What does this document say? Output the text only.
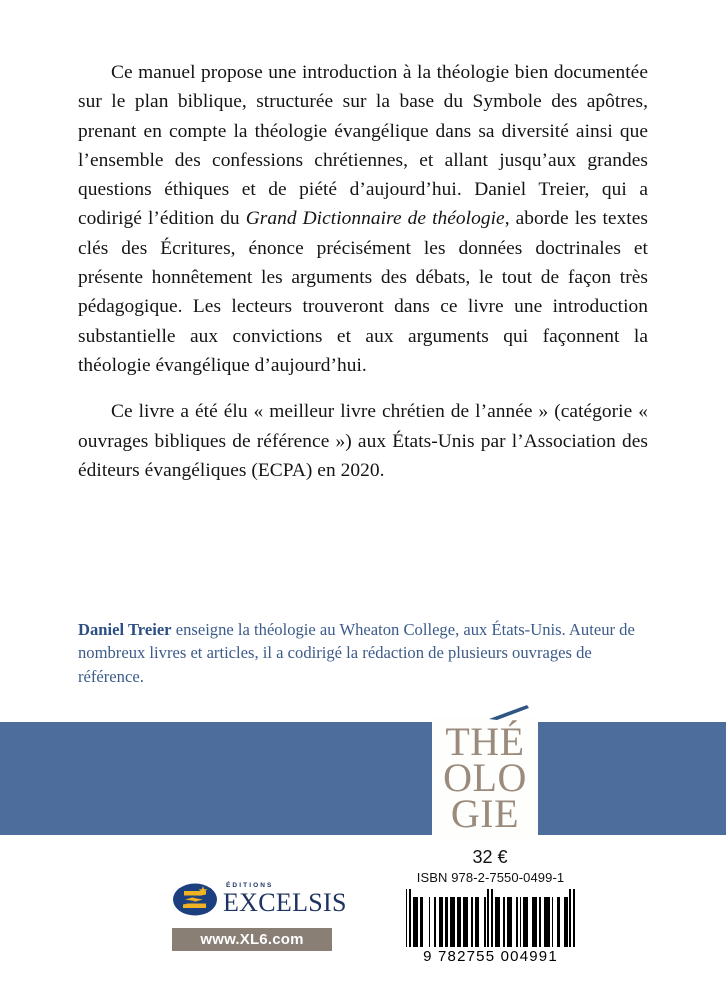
Ce manuel propose une introduction à la théologie bien documentée sur le plan biblique, structurée sur la base du Symbole des apôtres, prenant en compte la théologie évangélique dans sa diversité ainsi que l’ensemble des confessions chrétiennes, et allant jusqu’aux grandes questions éthiques et de piété d’aujourd’hui. Daniel Treier, qui a codirigé l’édition du Grand Dictionnaire de théologie, aborde les textes clés des Écritures, énonce précisément les données doctrinales et présente honnêtement les arguments des débats, le tout de façon très pédagogique. Les lecteurs trouveront dans ce livre une introduction substantielle aux convictions et aux arguments qui façonnent la théologie évangélique d’aujourd’hui.

Ce livre a été élu « meilleur livre chrétien de l’année » (catégorie « ouvrages bibliques de référence ») aux États-Unis par l’Association des éditeurs évangéliques (ECPA) en 2020.

Daniel Treier enseigne la théologie au Wheaton College, aux États-Unis. Auteur de nombreux livres et articles, il a codirigé la rédaction de plusieurs ouvrages de référence.
THÉ
OLO
GIE
32 €
ISBN 978-2-7550-0499-1
9 782755 004991
ÉDITIONS
EXCELSIS
www.XL6.com
